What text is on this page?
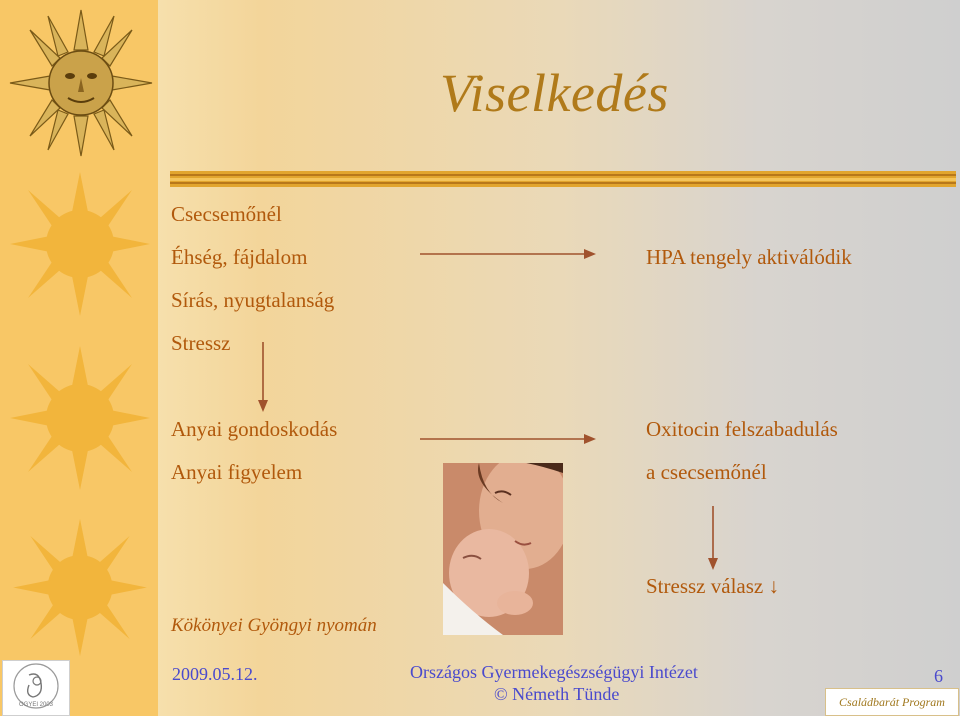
Viselkedés
Csecsemőnél
Éhség, fájdalom
Sírás, nyugtalanság
Stressz
Anyai gondoskodás
Anyai figyelem
HPA tengely aktiválódik
Oxitocin felszabadulás
a csecsemőnél
Stressz válasz ↓
Kökönyei Gyöngyi nyomán
2009.05.12.	Országos Gyermekegészségügyi Intézet
© Németh Tünde
6
OGYEI 2003	Családbarát Program
